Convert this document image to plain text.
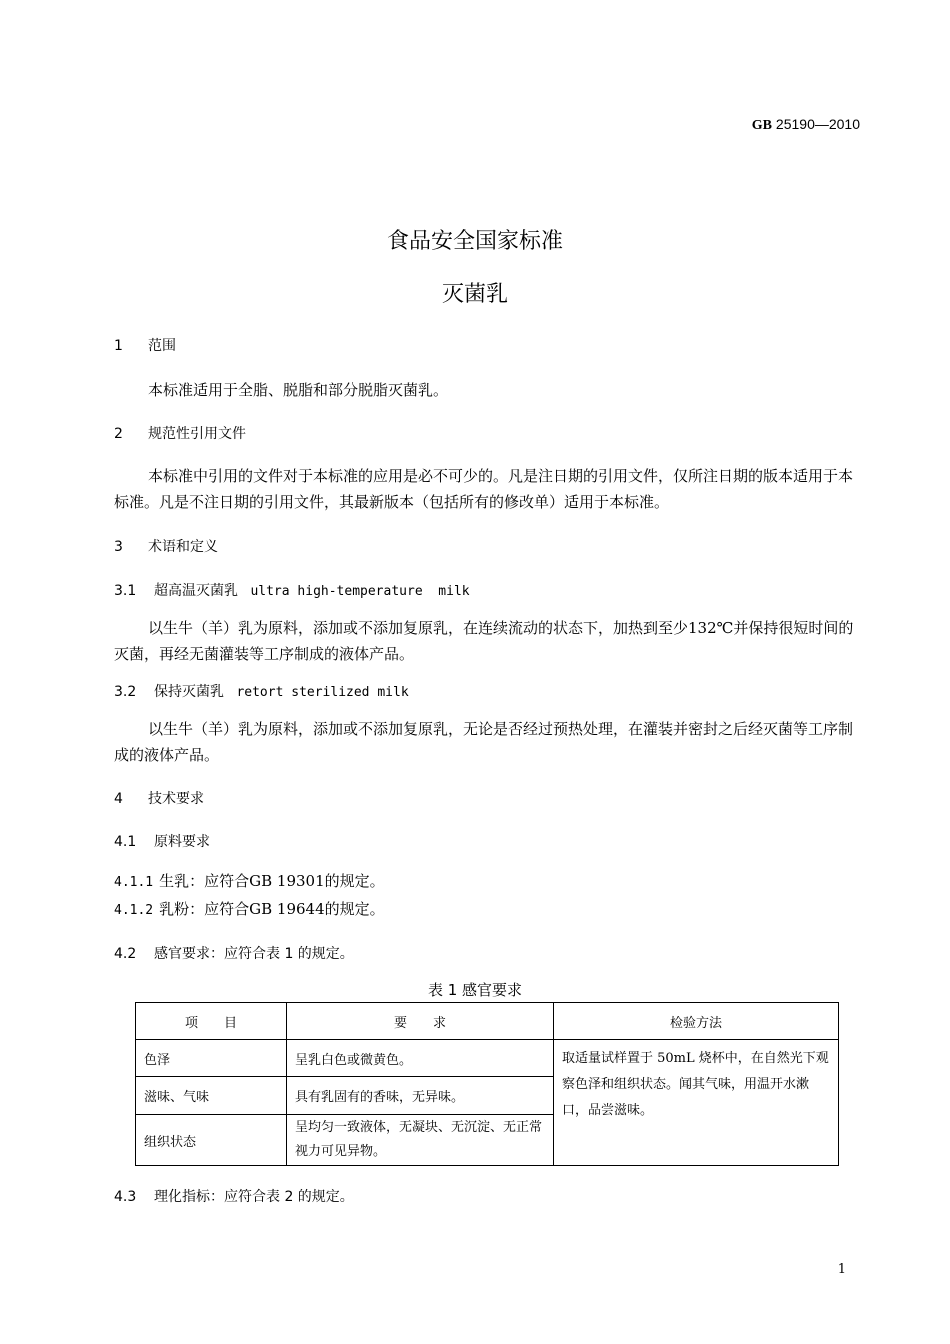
GB 25190—2010
食品安全国家标准
灭菌乳
1 范围
本标准适用于全脂、脱脂和部分脱脂灭菌乳。
2 规范性引用文件
本标准中引用的文件对于本标准的应用是必不可少的。凡是注日期的引用文件，仅所注日期的版本适用于本标准。凡是不注日期的引用文件，其最新版本（包括所有的修改单）适用于本标准。
3 术语和定义
3.1 超高温灭菌乳 ultra high-temperature  milk
以生牛（羊）乳为原料，添加或不添加复原乳，在连续流动的状态下，加热到至少132℃并保持很短时间的灭菌，再经无菌灌装等工序制成的液体产品。
3.2 保持灭菌乳 retort sterilized milk
以生牛（羊）乳为原料，添加或不添加复原乳，无论是否经过预热处理，在灌装并密封之后经灭菌等工序制成的液体产品。
4 技术要求
4.1 原料要求
4.1.1 生乳：应符合GB 19301的规定。
4.1.2 乳粉：应符合GB 19644的规定。
4.2 感官要求：应符合表 1 的规定。
表 1 感官要求
项　　目	要　　求	检验方法
色泽	呈乳白色或微黄色。	取适量试样置于 50mL 烧杯中，在自然光下观察色泽和组织状态。闻其气味，用温开水漱口，品尝滋味。
滋味、气味	具有乳固有的香味，无异味。	
组织状态	呈均匀一致液体，无凝块、无沉淀、无正常视力可见异物。	
4.3 理化指标：应符合表 2 的规定。
1
